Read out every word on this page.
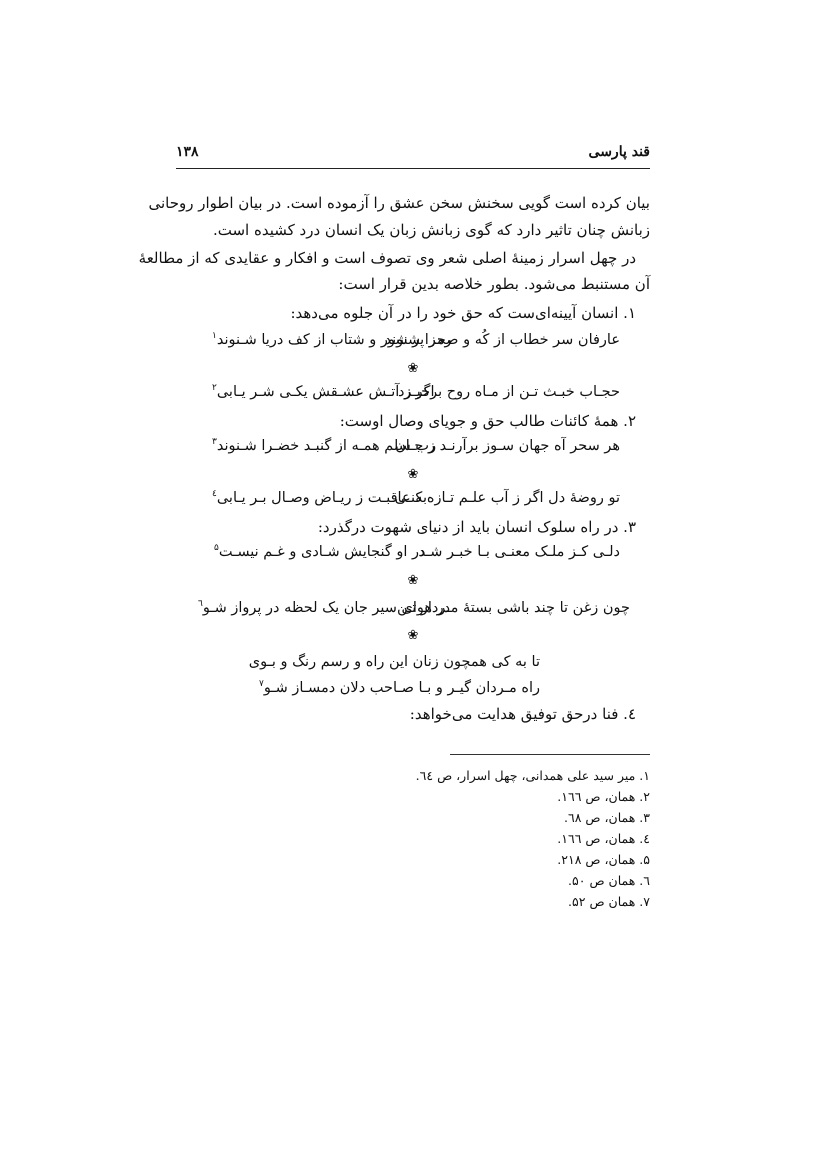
قند پارسی
۱۳۸
بیان کرده است گویی سخنش سخن عشق را آزموده است. در بیان اطوار روحانی
زبانش چنان تاثیر دارد که گوی زبانش زبان یک انسان درد کشیده است.
در چهل اسرار زمینهٔ اصلی شعر وی تصوف است و افکار و عقایدی که از مطالعهٔ
آن مستنبط می‌شود. بطور خلاصه بدین قرار است:
۱. انسان آیینه‌ای‌ست که حق خود را در آن جلوه می‌دهد:
عارفان سر خطاب از کُه و صحرا شنوند
رمز پر شور و شتاب از کف دریا شـنوند$^۱$
❀
حجـاب خبـث تـن از مـاه روح برخیـزد
اگر ز آتـش عشـقش یکـی شـر یـابی$^۲$
۲. همهٔ کائنات طالب حق و جویای وصال اوست:
هر سحر آه جهان سـوز برآرنـد ز جـان
رب سلم همـه از گنبـد خضـرا شـنوند$^۳$
❀
تو روضهٔ دل اگر ز آب علـم تـازه کنـی
به عاقبـت ز ریـاض وصـال بـر یـابی$^٤$
۳. در راه سلوک انسان باید از دنیای شهوت درگذرد:
دلـی کـز ملـک معنـی بـا خبـر شـد
در او گنجایش شـادی و غـم نیسـت$^۵$
❀
چون زغن تا چند باشی بستهٔ مـردار تـن
در هوای سیر جان یک لحظه در پرواز شـو$^٦$
❀
تا به کی همچون زنان این راه و رسم رنگ و بـوی
راه مـردان گیـر و بـا صـاحب دلان دمسـاز شـو$^۷$
٤. فنا درحق توفیق هدایت می‌خواهد:
۱. میر سید علی همدانی، چهل اسرار، ص ٦٤.
۲. همان، ص ۱٦٦.
۳. همان، ص ٦٨.
٤. همان، ص ۱٦٦.
۵. همان، ص ۲۱٨.
٦. همان ص ۵۰.
۷. همان ص ۵۲.
